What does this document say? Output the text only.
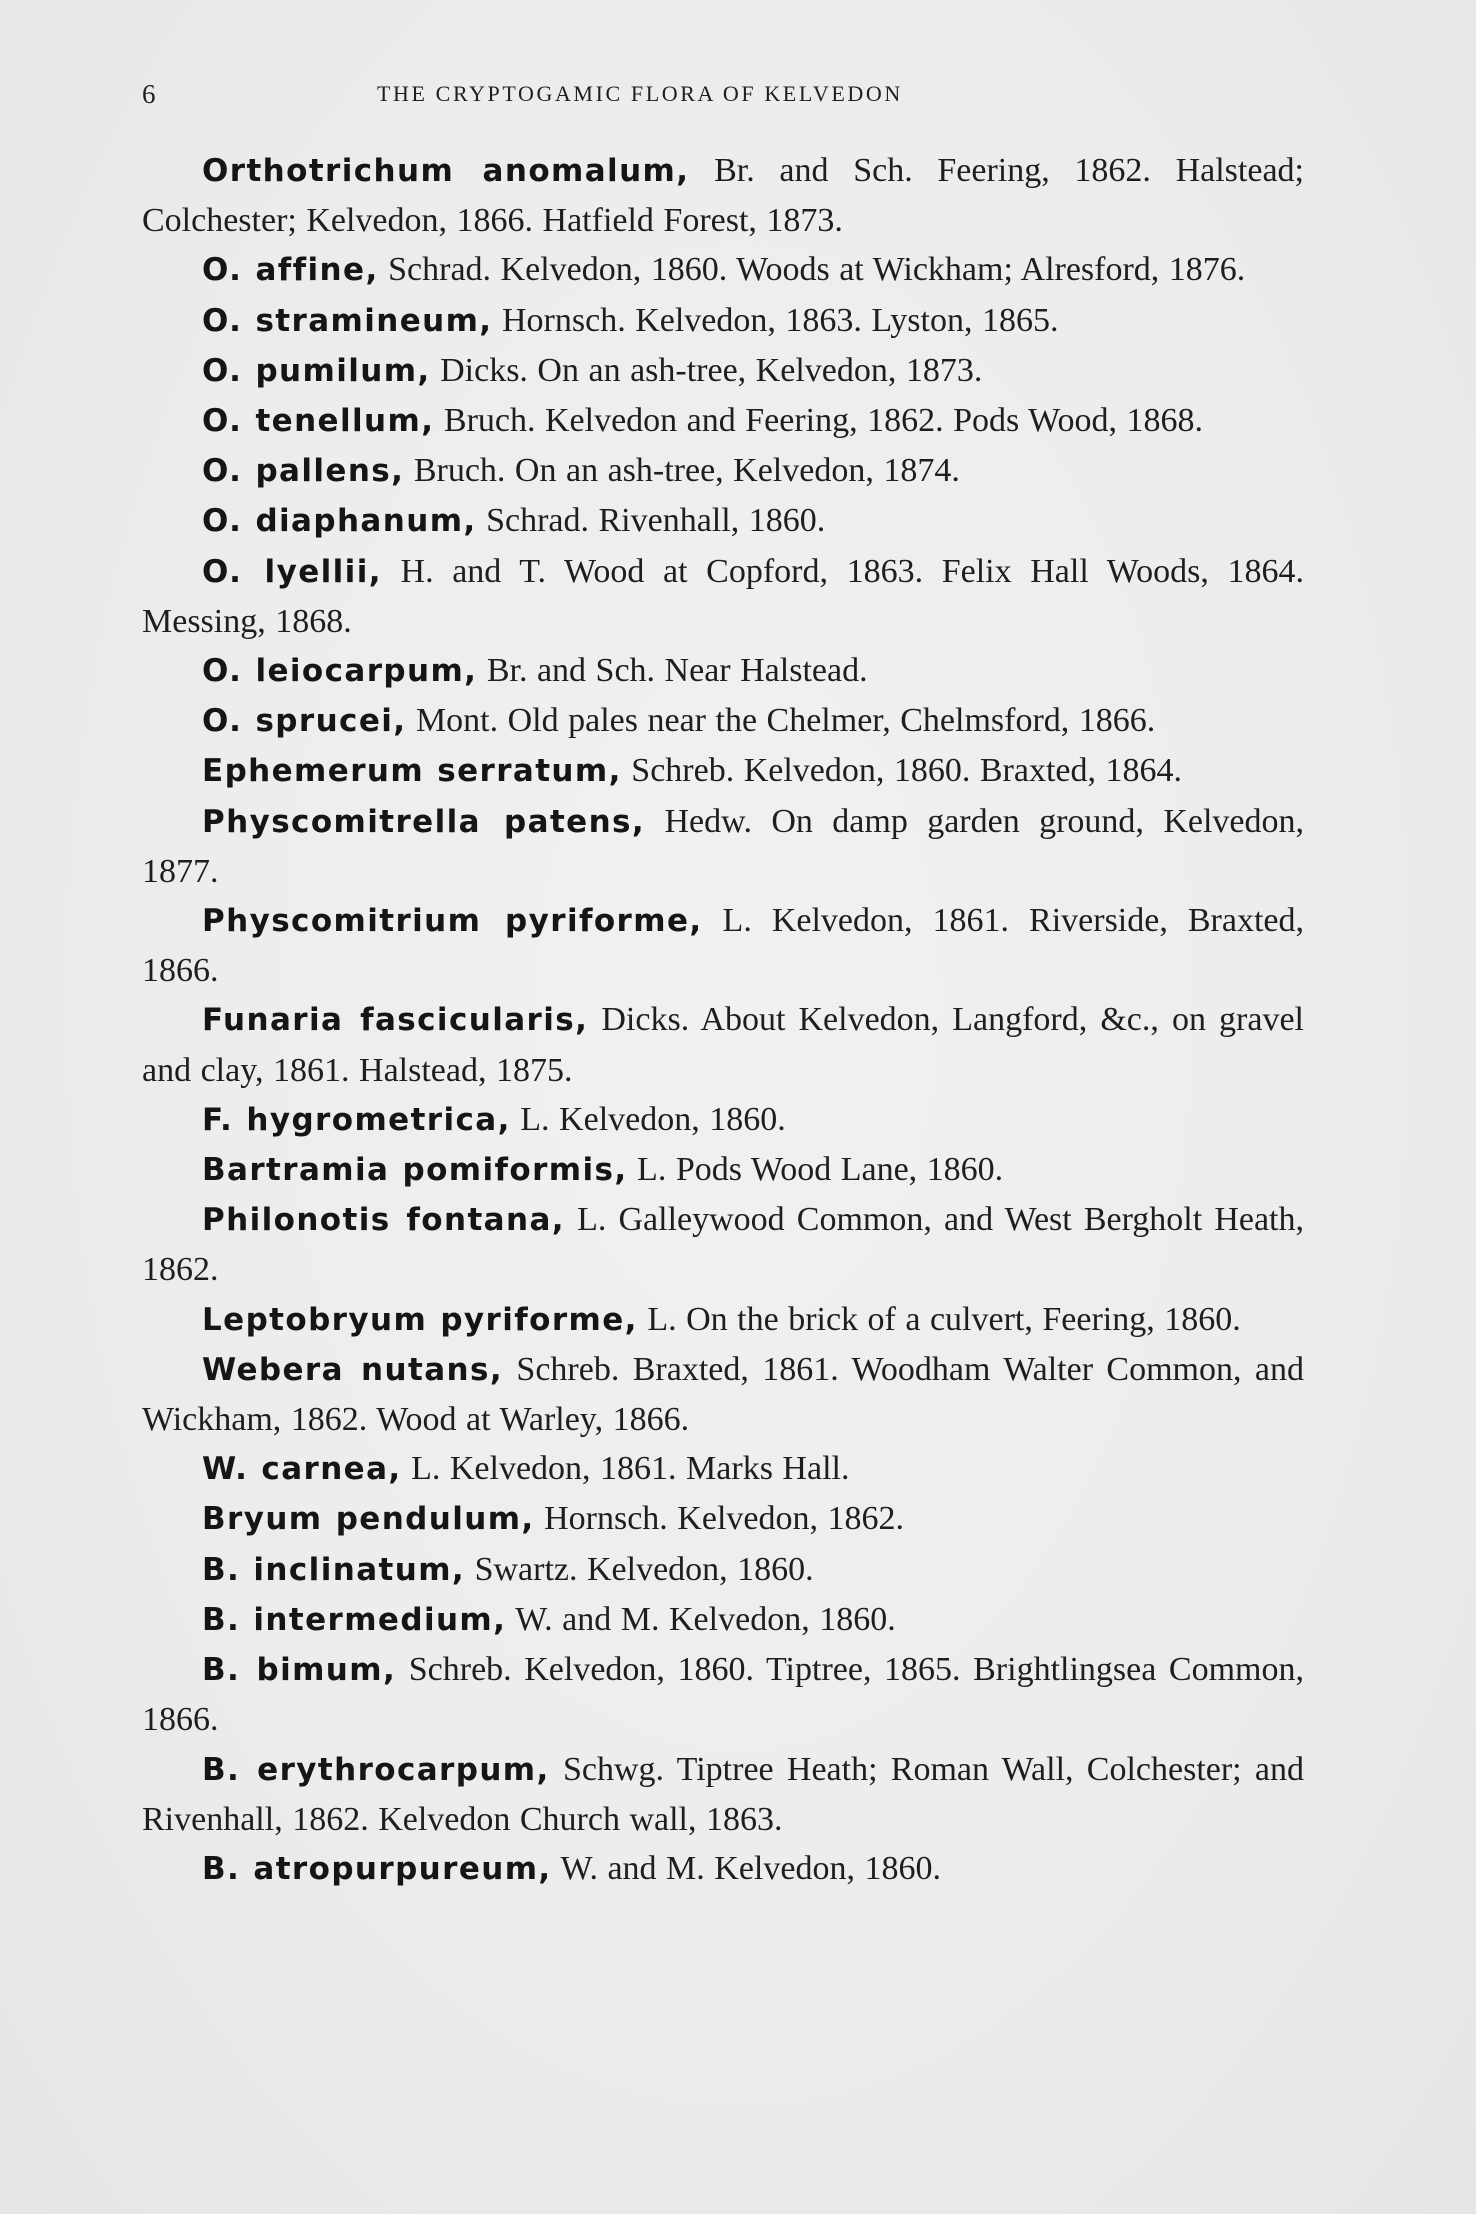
6	THE CRYPTOGAMIC FLORA OF KELVEDON

Orthotrichum anomalum, Br. and Sch. Feering, 1862. Halstead; Colchester; Kelvedon, 1866. Hatfield Forest, 1873.

O. affine, Schrad. Kelvedon, 1860. Woods at Wickham; Alresford, 1876.

O. stramineum, Hornsch. Kelvedon, 1863. Lyston, 1865.

O. pumilum, Dicks. On an ash-tree, Kelvedon, 1873.

O. tenellum, Bruch. Kelvedon and Feering, 1862. Pods Wood, 1868.

O. pallens, Bruch. On an ash-tree, Kelvedon, 1874.

O. diaphanum, Schrad. Rivenhall, 1860.

O. lyellii, H. and T. Wood at Copford, 1863. Felix Hall Woods, 1864. Messing, 1868.

O. leiocarpum, Br. and Sch. Near Halstead.

O. sprucei, Mont. Old pales near the Chelmer, Chelmsford, 1866.

Ephemerum serratum, Schreb. Kelvedon, 1860. Braxted, 1864.

Physcomitrella patens, Hedw. On damp garden ground, Kelvedon, 1877.

Physcomitrium pyriforme, L. Kelvedon, 1861. Riverside, Braxted, 1866.

Funaria fascicularis, Dicks. About Kelvedon, Langford, &c., on gravel and clay, 1861. Halstead, 1875.

F. hygrometrica, L. Kelvedon, 1860.

Bartramia pomiformis, L. Pods Wood Lane, 1860.

Philonotis fontana, L. Galleywood Common, and West Bergholt Heath, 1862.

Leptobryum pyriforme, L. On the brick of a culvert, Feering, 1860.

Webera nutans, Schreb. Braxted, 1861. Woodham Walter Common, and Wickham, 1862. Wood at Warley, 1866.

W. carnea, L. Kelvedon, 1861. Marks Hall.

Bryum pendulum, Hornsch. Kelvedon, 1862.

B. inclinatum, Swartz. Kelvedon, 1860.

B. intermedium, W. and M. Kelvedon, 1860.

B. bimum, Schreb. Kelvedon, 1860. Tiptree, 1865. Brightlingsea Common, 1866.

B. erythrocarpum, Schwg. Tiptree Heath; Roman Wall, Colchester; and Rivenhall, 1862. Kelvedon Church wall, 1863.

B. atropurpureum, W. and M. Kelvedon, 1860.
